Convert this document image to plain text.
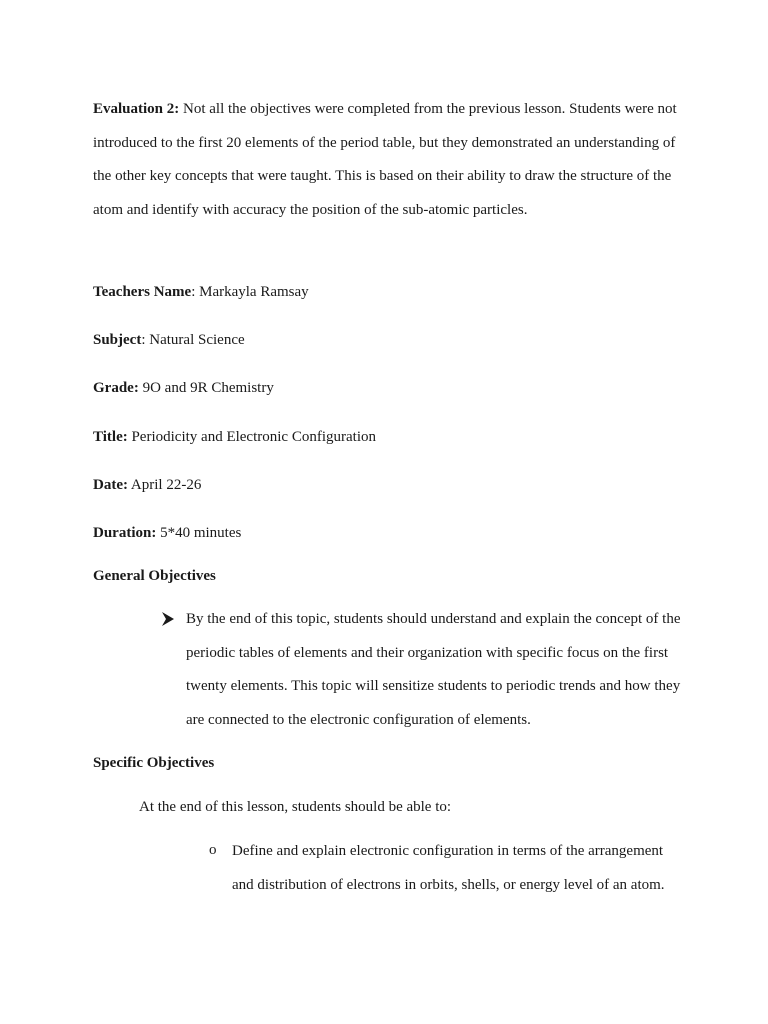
Evaluation 2: Not all the objectives were completed from the previous lesson. Students were not introduced to the first 20 elements of the period table, but they demonstrated an understanding of the other key concepts that were taught. This is based on their ability to draw the structure of the atom and identify with accuracy the position of the sub-atomic particles.

Teachers Name: Markayla Ramsay

Subject: Natural Science

Grade: 9O and 9R Chemistry

Title: Periodicity and Electronic Configuration

Date: April 22-26

Duration: 5*40 minutes

General Objectives

By the end of this topic, students should understand and explain the concept of the periodic tables of elements and their organization with specific focus on the first twenty elements. This topic will sensitize students to periodic trends and how they are connected to the electronic configuration of elements.

Specific Objectives

At the end of this lesson, students should be able to:

o Define and explain electronic configuration in terms of the arrangement and distribution of electrons in orbits, shells, or energy level of an atom.
